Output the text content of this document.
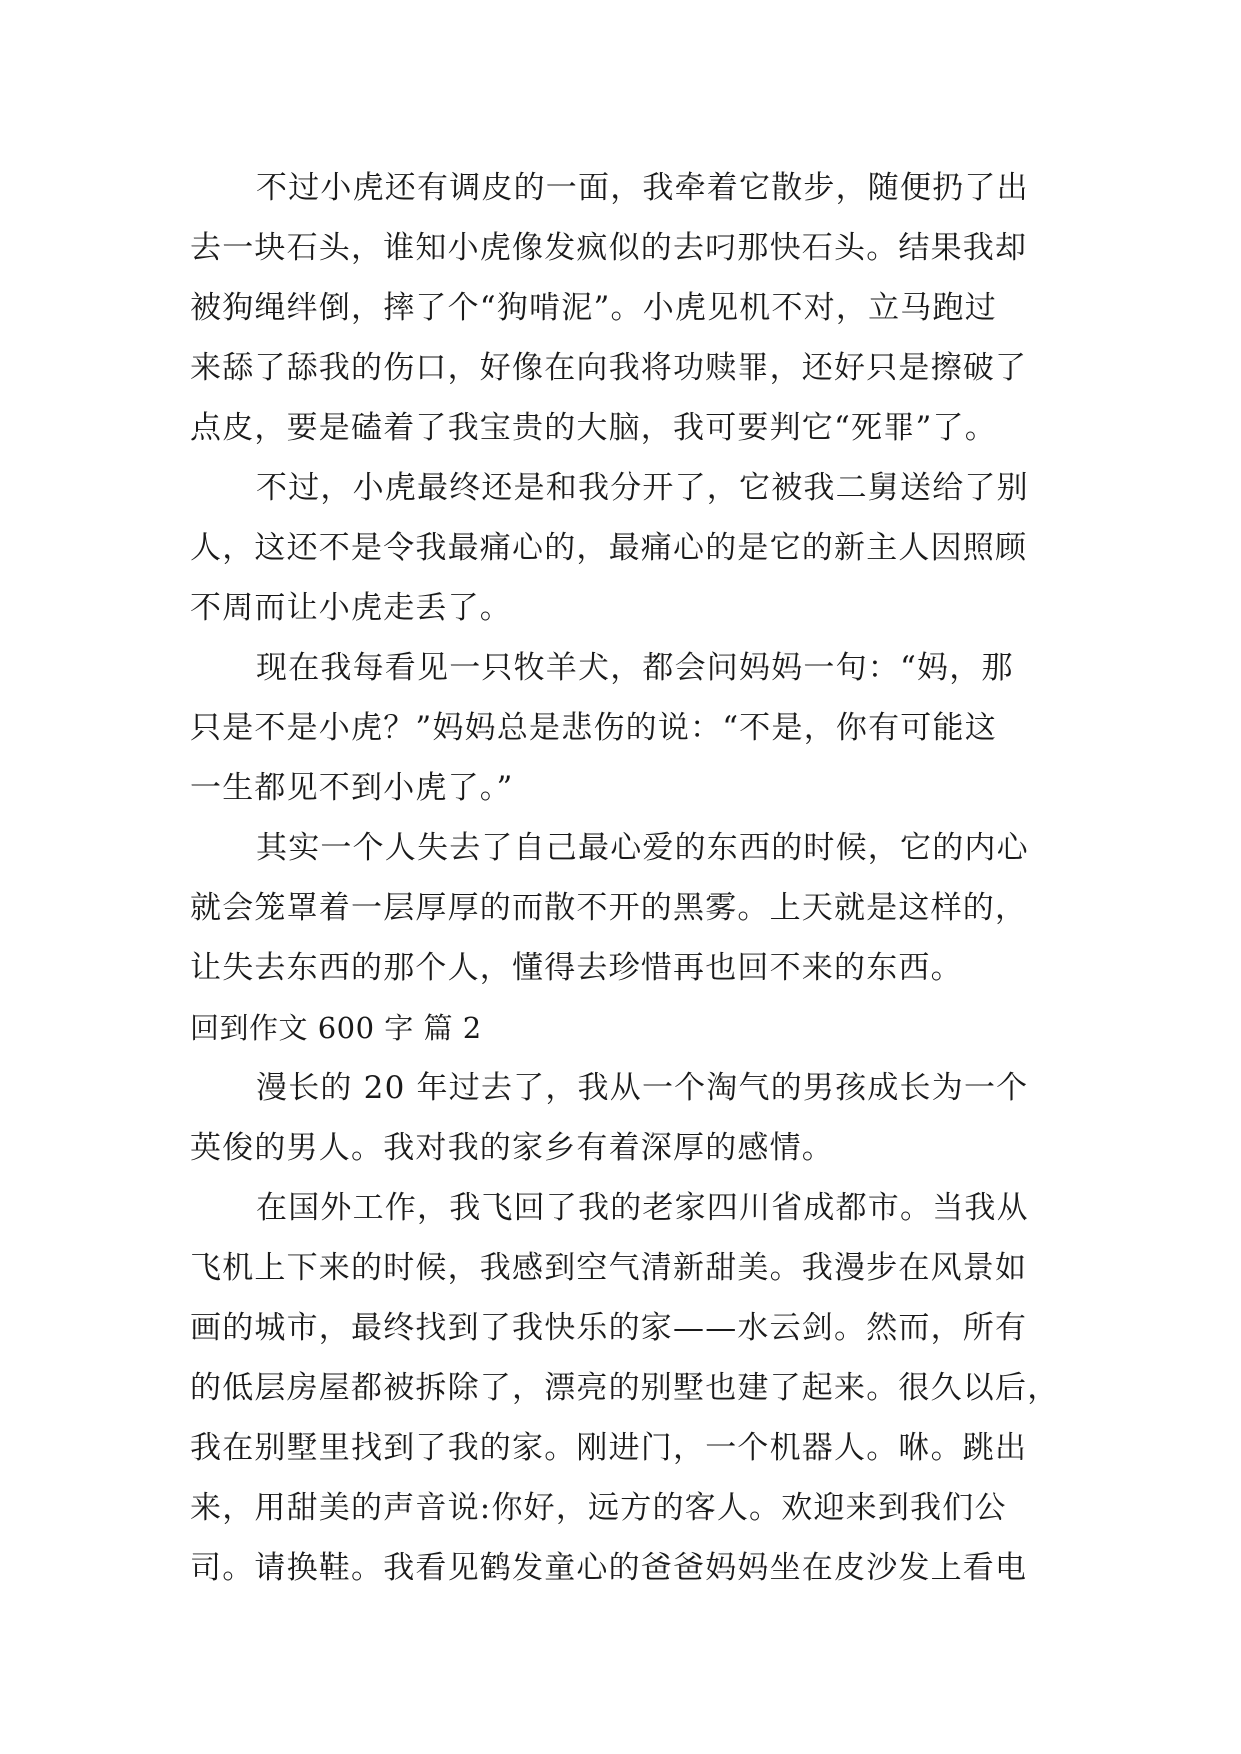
不过小虎还有调皮的一面，我牵着它散步，随便扔了出
去一块石头，谁知小虎像发疯似的去叼那快石头。结果我却
被狗绳绊倒，摔了个“狗啃泥”。小虎见机不对，立马跑过
来舔了舔我的伤口，好像在向我将功赎罪，还好只是擦破了
点皮，要是磕着了我宝贵的大脑，我可要判它“死罪”了。
不过，小虎最终还是和我分开了，它被我二舅送给了别
人，这还不是令我最痛心的，最痛心的是它的新主人因照顾
不周而让小虎走丢了。
现在我每看见一只牧羊犬，都会问妈妈一句：“妈，那
只是不是小虎？”妈妈总是悲伤的说：“不是，你有可能这
一生都见不到小虎了。”
其实一个人失去了自己最心爱的东西的时候，它的内心
就会笼罩着一层厚厚的而散不开的黑雾。上天就是这样的，
让失去东西的那个人，懂得去珍惜再也回不来的东西。
回到作文 600 字 篇 2
漫长的 20 年过去了，我从一个淘气的男孩成长为一个
英俊的男人。我对我的家乡有着深厚的感情。
在国外工作，我飞回了我的老家四川省成都市。当我从
飞机上下来的时候，我感到空气清新甜美。我漫步在风景如
画的城市，最终找到了我快乐的家——水云剑。然而，所有
的低层房屋都被拆除了，漂亮的别墅也建了起来。很久以后，
我在别墅里找到了我的家。刚进门，一个机器人。咻。跳出
来，用甜美的声音说:你好，远方的客人。欢迎来到我们公
司。请换鞋。我看见鹤发童心的爸爸妈妈坐在皮沙发上看电
